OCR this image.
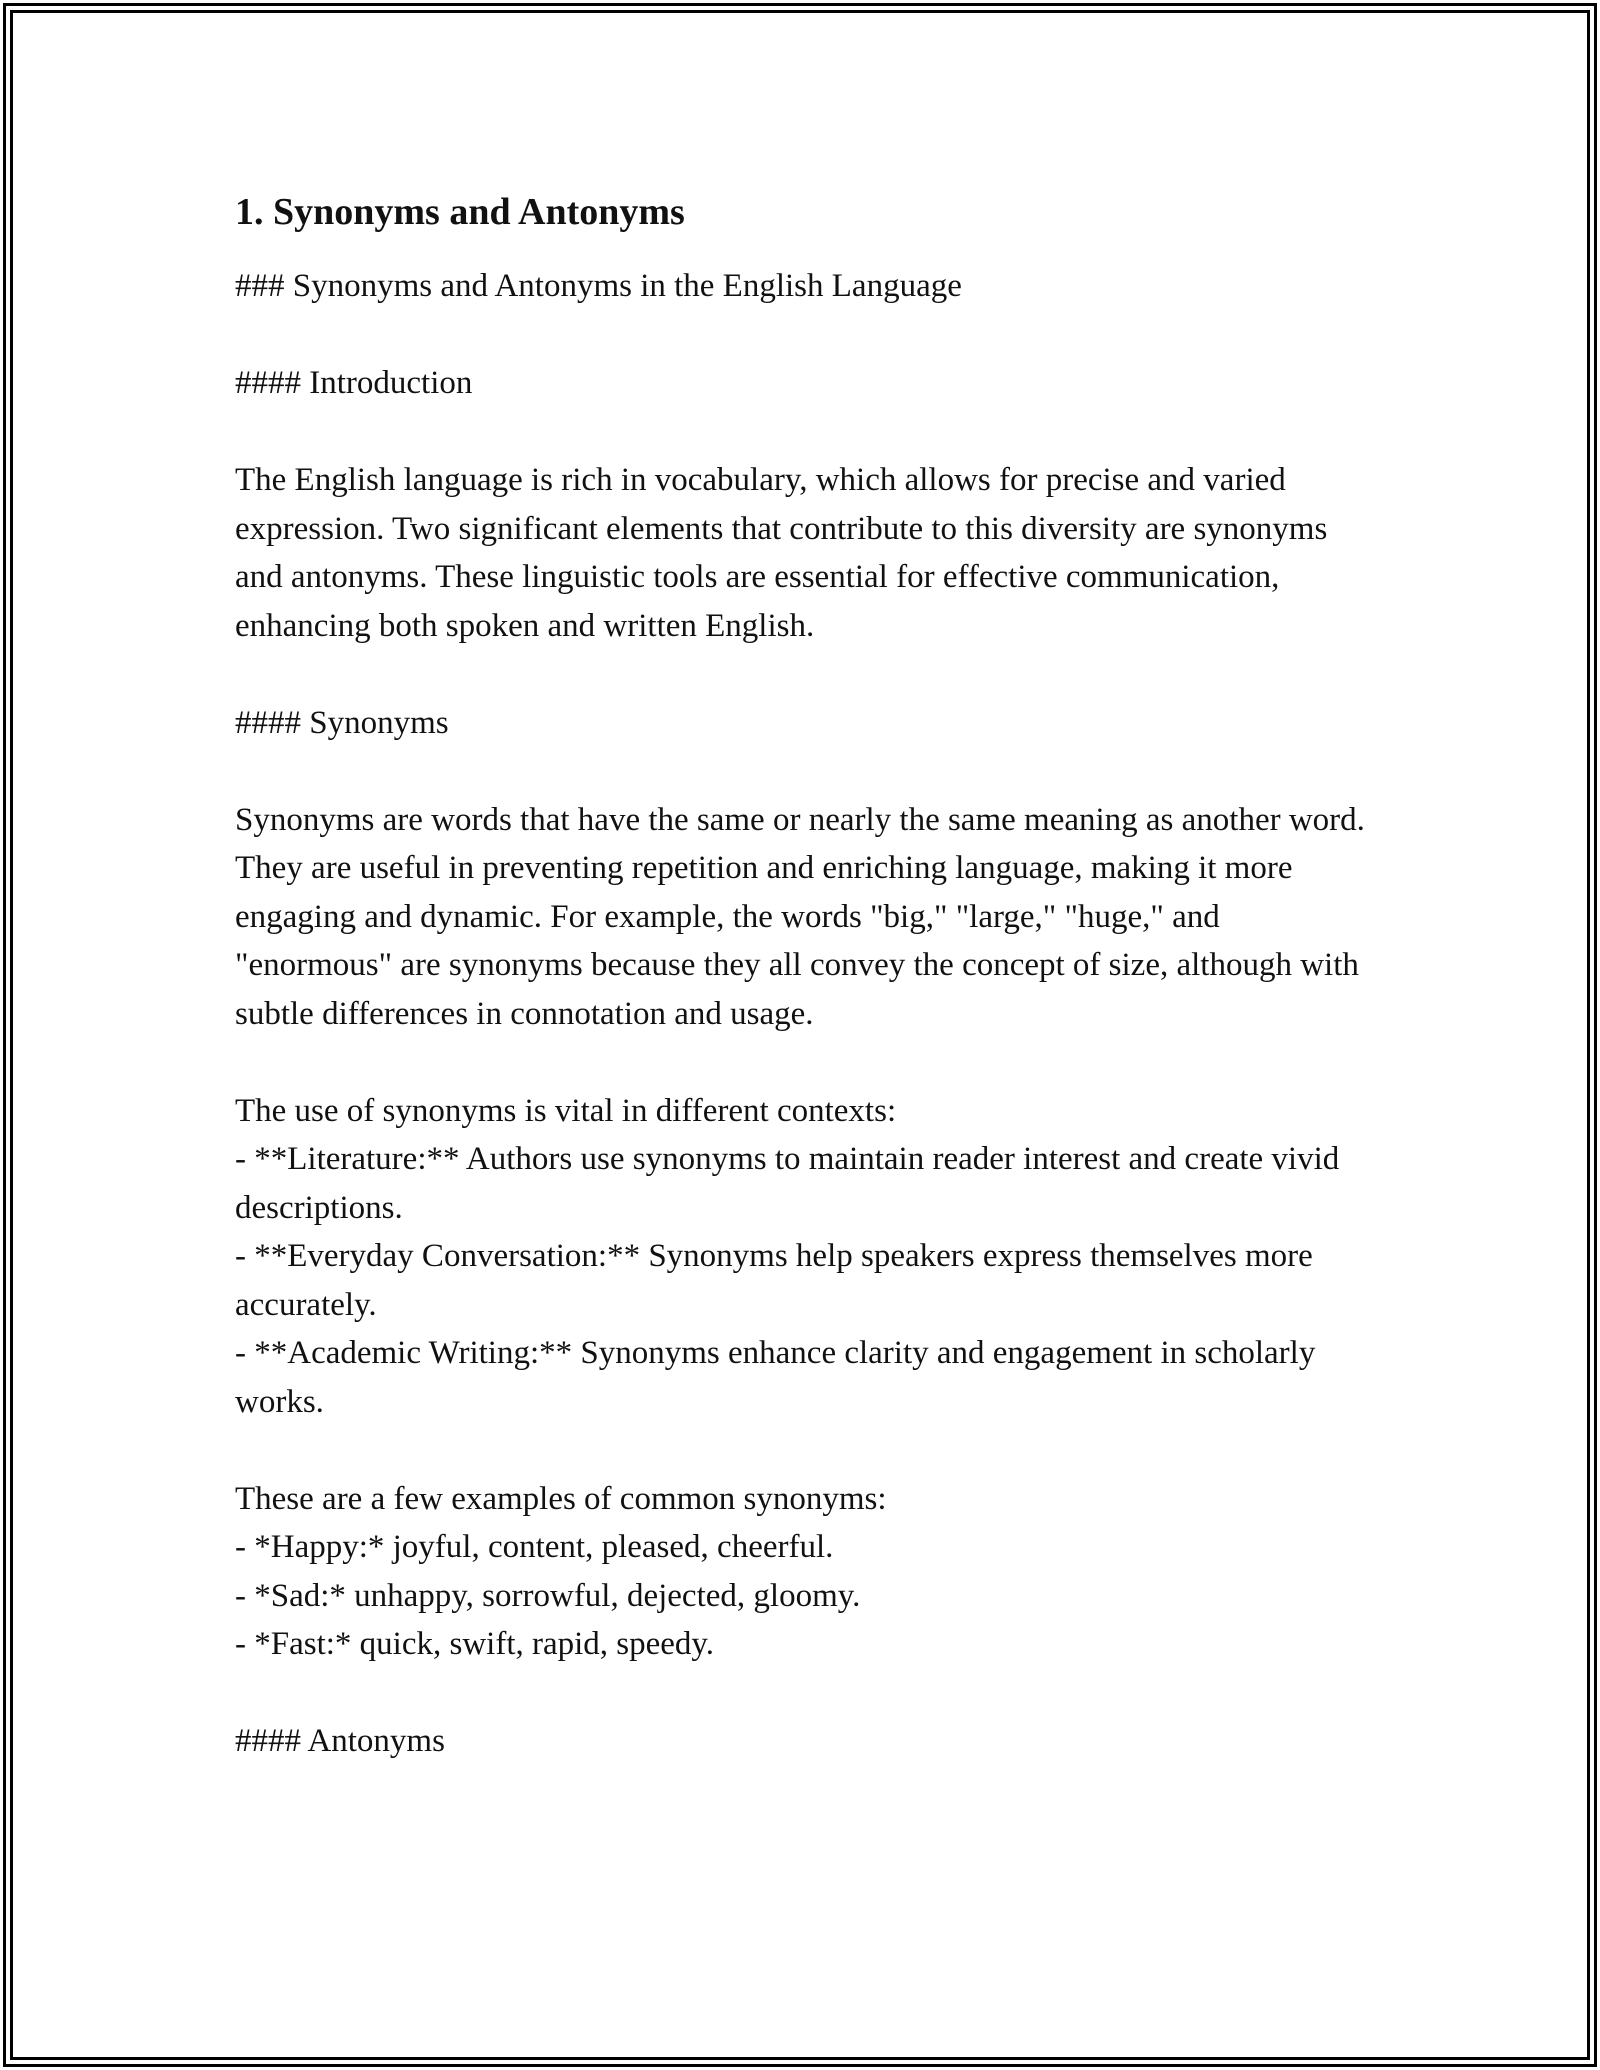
1. Synonyms and Antonyms

### Synonyms and Antonyms in the English Language

#### Introduction

The English language is rich in vocabulary, which allows for precise and varied expression. Two significant elements that contribute to this diversity are synonyms and antonyms. These linguistic tools are essential for effective communication, enhancing both spoken and written English.

#### Synonyms

Synonyms are words that have the same or nearly the same meaning as another word. They are useful in preventing repetition and enriching language, making it more engaging and dynamic. For example, the words "big," "large," "huge," and "enormous" are synonyms because they all convey the concept of size, although with subtle differences in connotation and usage.

The use of synonyms is vital in different contexts:
- **Literature:** Authors use synonyms to maintain reader interest and create vivid descriptions.
- **Everyday Conversation:** Synonyms help speakers express themselves more accurately.
- **Academic Writing:** Synonyms enhance clarity and engagement in scholarly works.
These are a few examples of common synonyms:
- *Happy:* joyful, content, pleased, cheerful.
- *Sad:* unhappy, sorrowful, dejected, gloomy.
- *Fast:* quick, swift, rapid, speedy.

#### Antonyms
